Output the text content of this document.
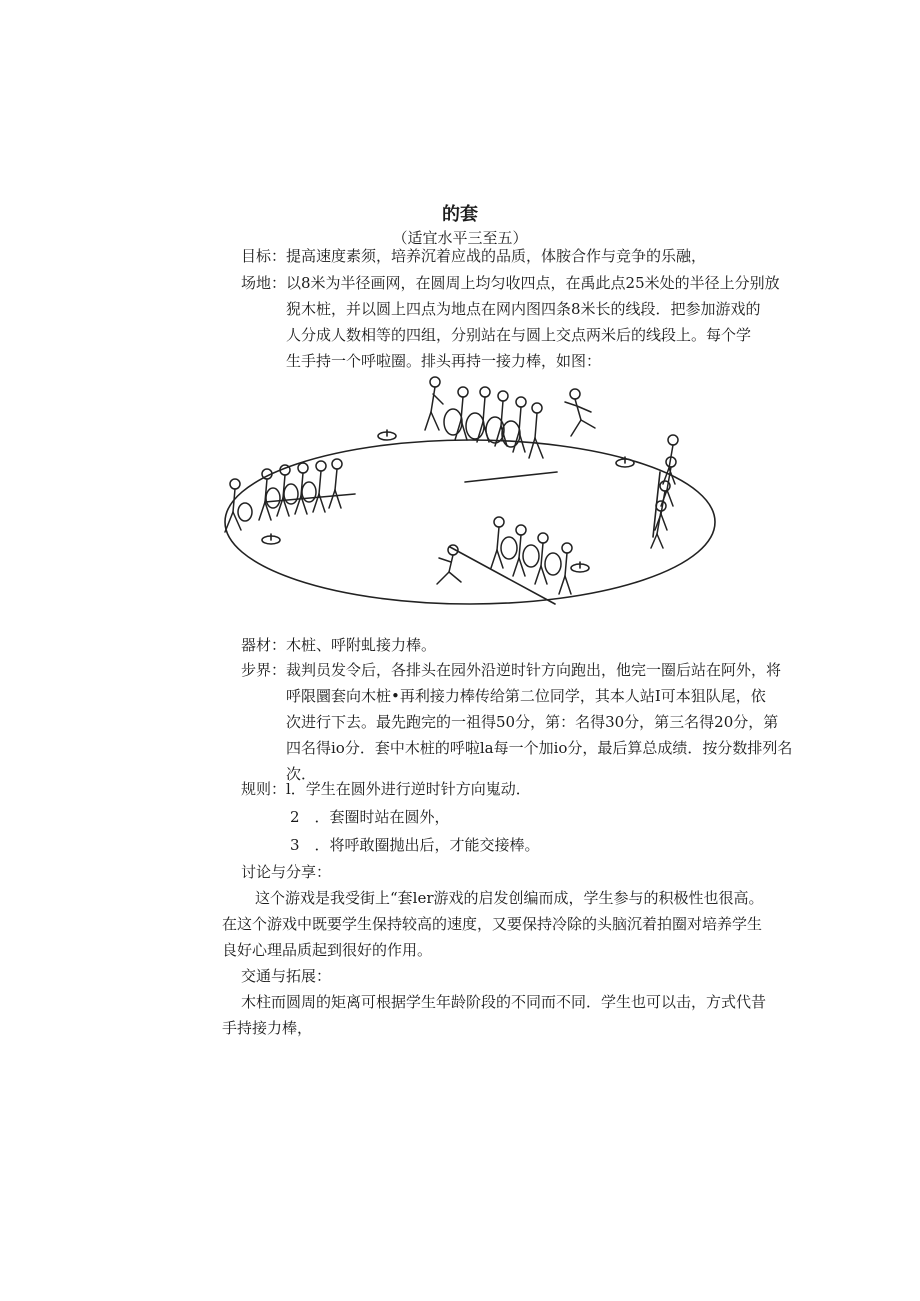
的套
（适宜水平三至五）
目标： 提高速度素须，培养沉着应战的品质，体胺合作与竞争的乐融，
场地： 以8米为半径画网，在圆周上均匀收四点，在禹此点25米处的半径上分别放
猊木桩，并以圆上四点为地点在网内图四条8米长的线段．把参加游戏的
人分成人数相等的四组，分别站在与圆上交点两米后的线段上。每个学
生手持一个呼啦圈。排头再持一接力棒，如图：
器材： 木桩、呼附虬接力棒。
步界： 裁判员发令后，各排头在园外沿逆时针方向跑出，他完一圈后站在阿外，将
呼限圜套向木桩•再利接力棒传给第二位同学，其本人站I可本狙队尾，依
次进行下去。最先跑完的一祖得50分，第：名得30分，第三名得20分，第
四名得io分．套中木桩的呼啦la每一个加io分，最后算总成绩．按分数排列名
次．
规则： l．学生在圆外进行逆时针方向嵬动．
2　．套圈时站在圆外，
3　．将呼敢圈抛出后，才能交接棒。
讨论与分享：
这个游戏是我受街上“套ler游戏的启发创编而成，学生参与的积极性也很高。
在这个游戏中既要学生保持较高的速度，又要保持冷除的头脑沉着拍圈对培养学生
良好心理品质起到很好的作用。
交通与拓展：
木柱而圆周的矩离可根据学生年龄阶段的不同而不同．学生也可以击，方式代昔
手持接力棒，
